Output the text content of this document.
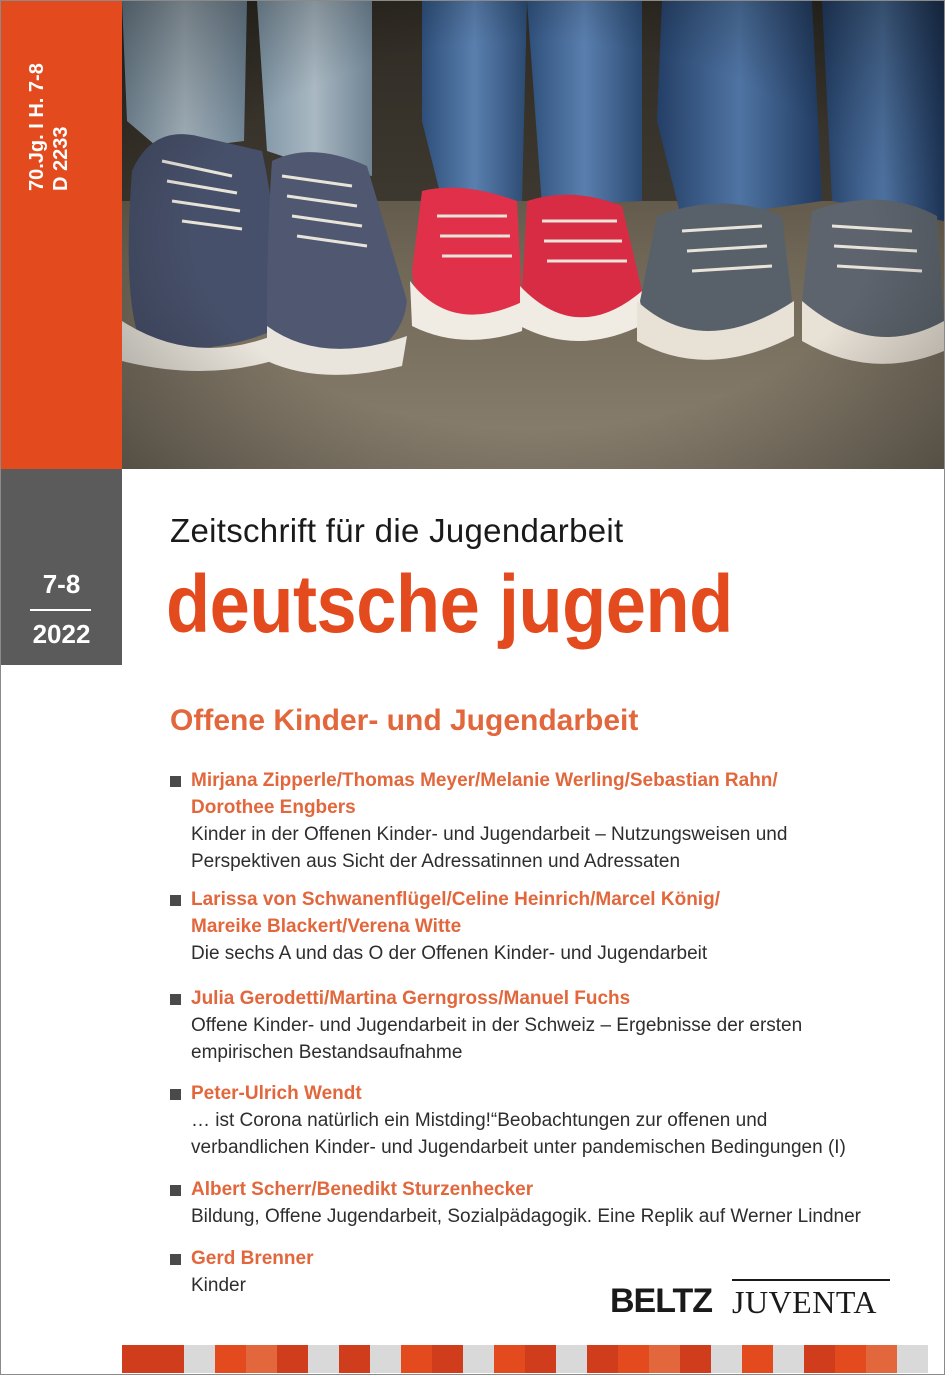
70.Jg. I H. 7-8 D 2233
7-8
2022
Zeitschrift für die Jugendarbeit
deutsche jugend
Offene Kinder- und Jugendarbeit
Mirjana Zipperle/Thomas Meyer/Melanie Werling/Sebastian Rahn/
Dorothee Engbers
Kinder in der Offenen Kinder- und Jugendarbeit – Nutzungsweisen und
Perspektiven aus Sicht der Adressatinnen und Adressaten
Larissa von Schwanenflügel/Celine Heinrich/Marcel König/
Mareike Blackert/Verena Witte
Die sechs A und das O der Offenen Kinder- und Jugendarbeit
Julia Gerodetti/Martina Gerngross/Manuel Fuchs
Offene Kinder- und Jugendarbeit in der Schweiz – Ergebnisse der ersten
empirischen Bestandsaufnahme
Peter-Ulrich Wendt
… ist Corona natürlich ein Mistding!“Beobachtungen zur offenen und
verbandlichen Kinder- und Jugendarbeit unter pandemischen Bedingungen (I)
Albert Scherr/Benedikt Sturzenhecker
Bildung, Offene Jugendarbeit, Sozialpädagogik. Eine Replik auf Werner Lindner
Gerd Brenner
Kinder	BELTZ JUVENTA
